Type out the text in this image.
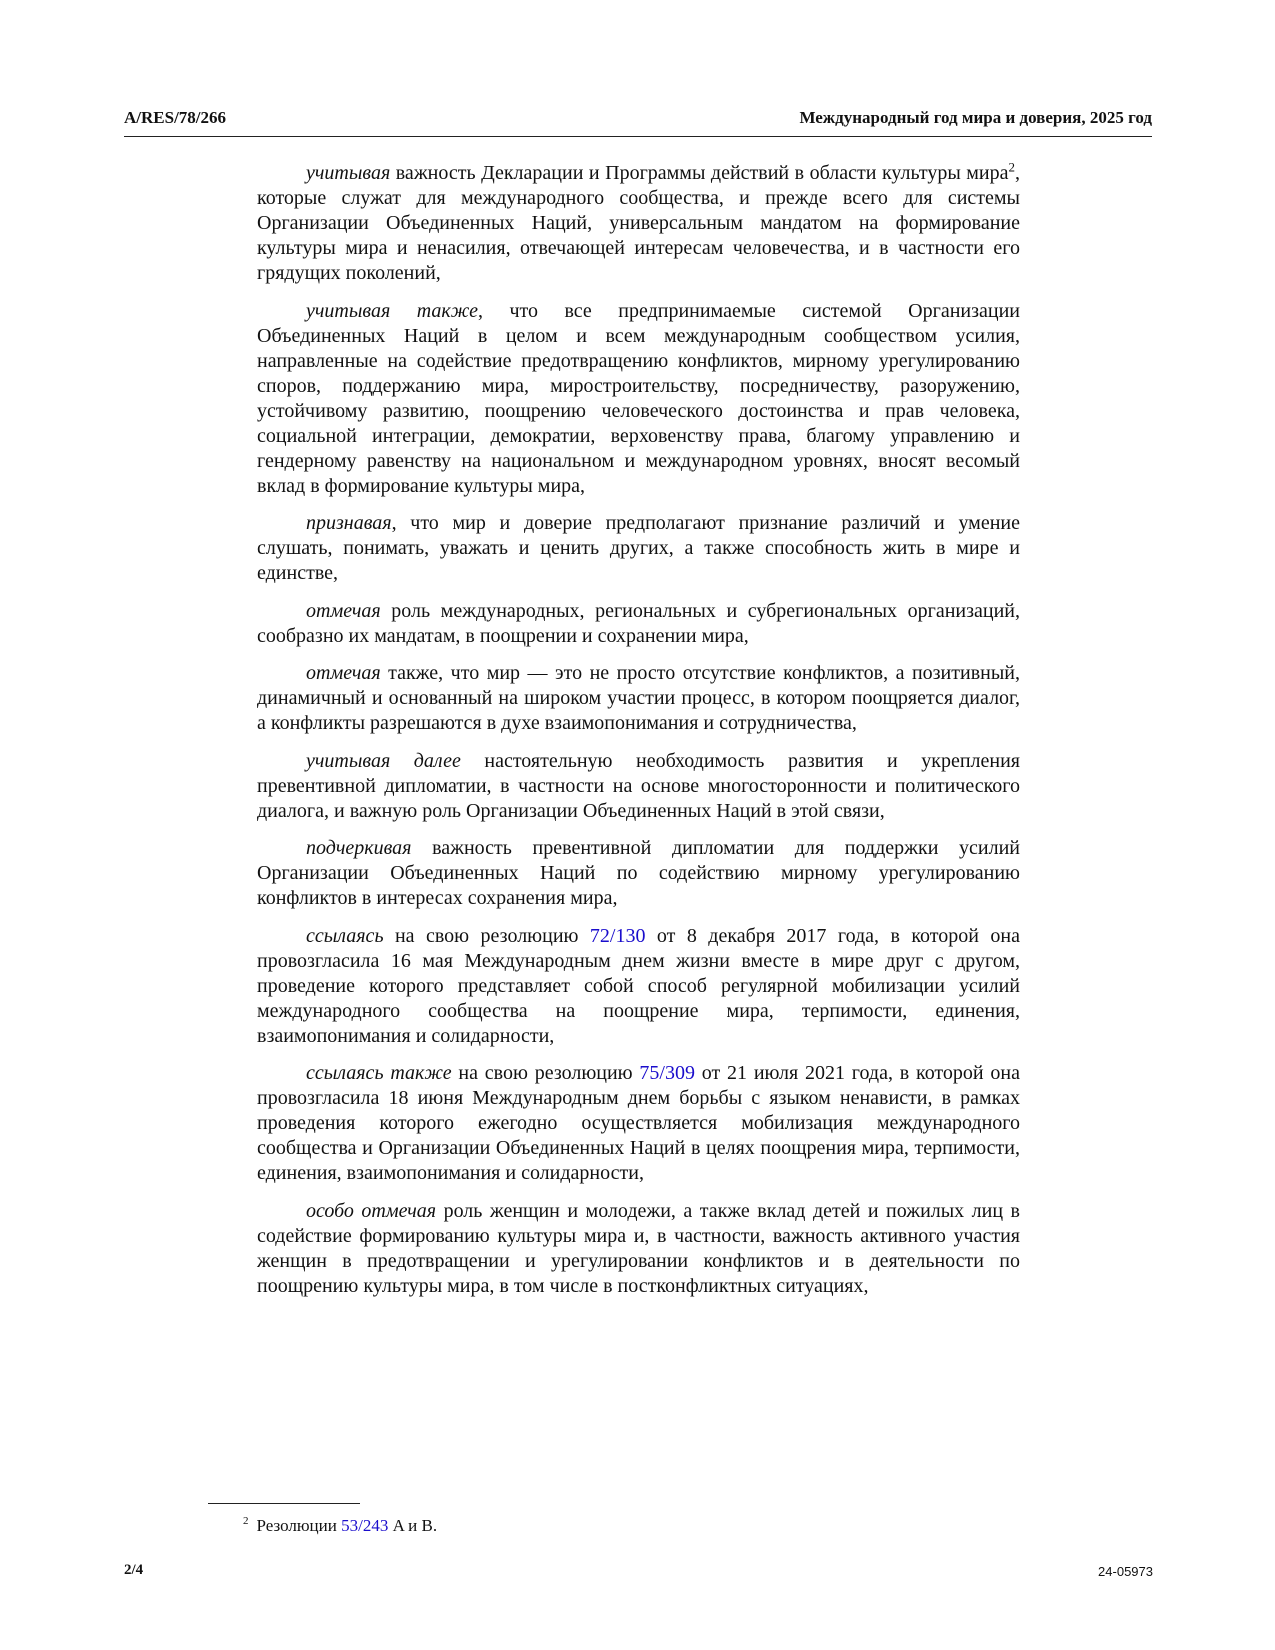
A/RES/78/266	Международный год мира и доверия, 2025 год

учитывая важность Декларации и Программы действий в области культуры мира$^2$, которые служат для международного сообщества, и прежде всего для системы Организации Объединенных Наций, универсальным мандатом на формирование культуры мира и ненасилия, отвечающей интересам человечества, и в частности его грядущих поколений,

учитывая также, что все предпринимаемые системой Организации Объединенных Наций в целом и всем международным сообществом усилия, направленные на содействие предотвращению конфликтов, мирному урегулированию споров, поддержанию мира, миростроительству, посредничеству, разоружению, устойчивому развитию, поощрению человеческого достоинства и прав человека, социальной интеграции, демократии, верховенству права, благому управлению и гендерному равенству на национальном и международном уровнях, вносят весомый вклад в формирование культуры мира,

признавая, что мир и доверие предполагают признание различий и умение слушать, понимать, уважать и ценить других, а также способность жить в мире и единстве,

отмечая роль международных, региональных и субрегиональных организаций, сообразно их мандатам, в поощрении и сохранении мира,

отмечая также, что мир — это не просто отсутствие конфликтов, а позитивный, динамичный и основанный на широком участии процесс, в котором поощряется диалог, а конфликты разрешаются в духе взаимопонимания и сотрудничества,

учитывая далее настоятельную необходимость развития и укрепления превентивной дипломатии, в частности на основе многосторонности и политического диалога, и важную роль Организации Объединенных Наций в этой связи,

подчеркивая важность превентивной дипломатии для поддержки усилий Организации Объединенных Наций по содействию мирному урегулированию конфликтов в интересах сохранения мира,

ссылаясь на свою резолюцию 72/130 от 8 декабря 2017 года, в которой она провозгласила 16 мая Международным днем жизни вместе в мире друг с другом, проведение которого представляет собой способ регулярной мобилизации усилий международного сообщества на поощрение мира, терпимости, единения, взаимопонимания и солидарности,

ссылаясь также на свою резолюцию 75/309 от 21 июля 2021 года, в которой она провозгласила 18 июня Международным днем борьбы с языком ненависти, в рамках проведения которого ежегодно осуществляется мобилизация международного сообщества и Организации Объединенных Наций в целях поощрения мира, терпимости, единения, взаимопонимания и солидарности,

особо отмечая роль женщин и молодежи, а также вклад детей и пожилых лиц в содействие формированию культуры мира и, в частности, важность активного участия женщин в предотвращении и урегулировании конфликтов и в деятельности по поощрению культуры мира, в том числе в постконфликтных ситуациях,

$^2$ Резолюции 53/243 A и B.
2/4	24-05973
